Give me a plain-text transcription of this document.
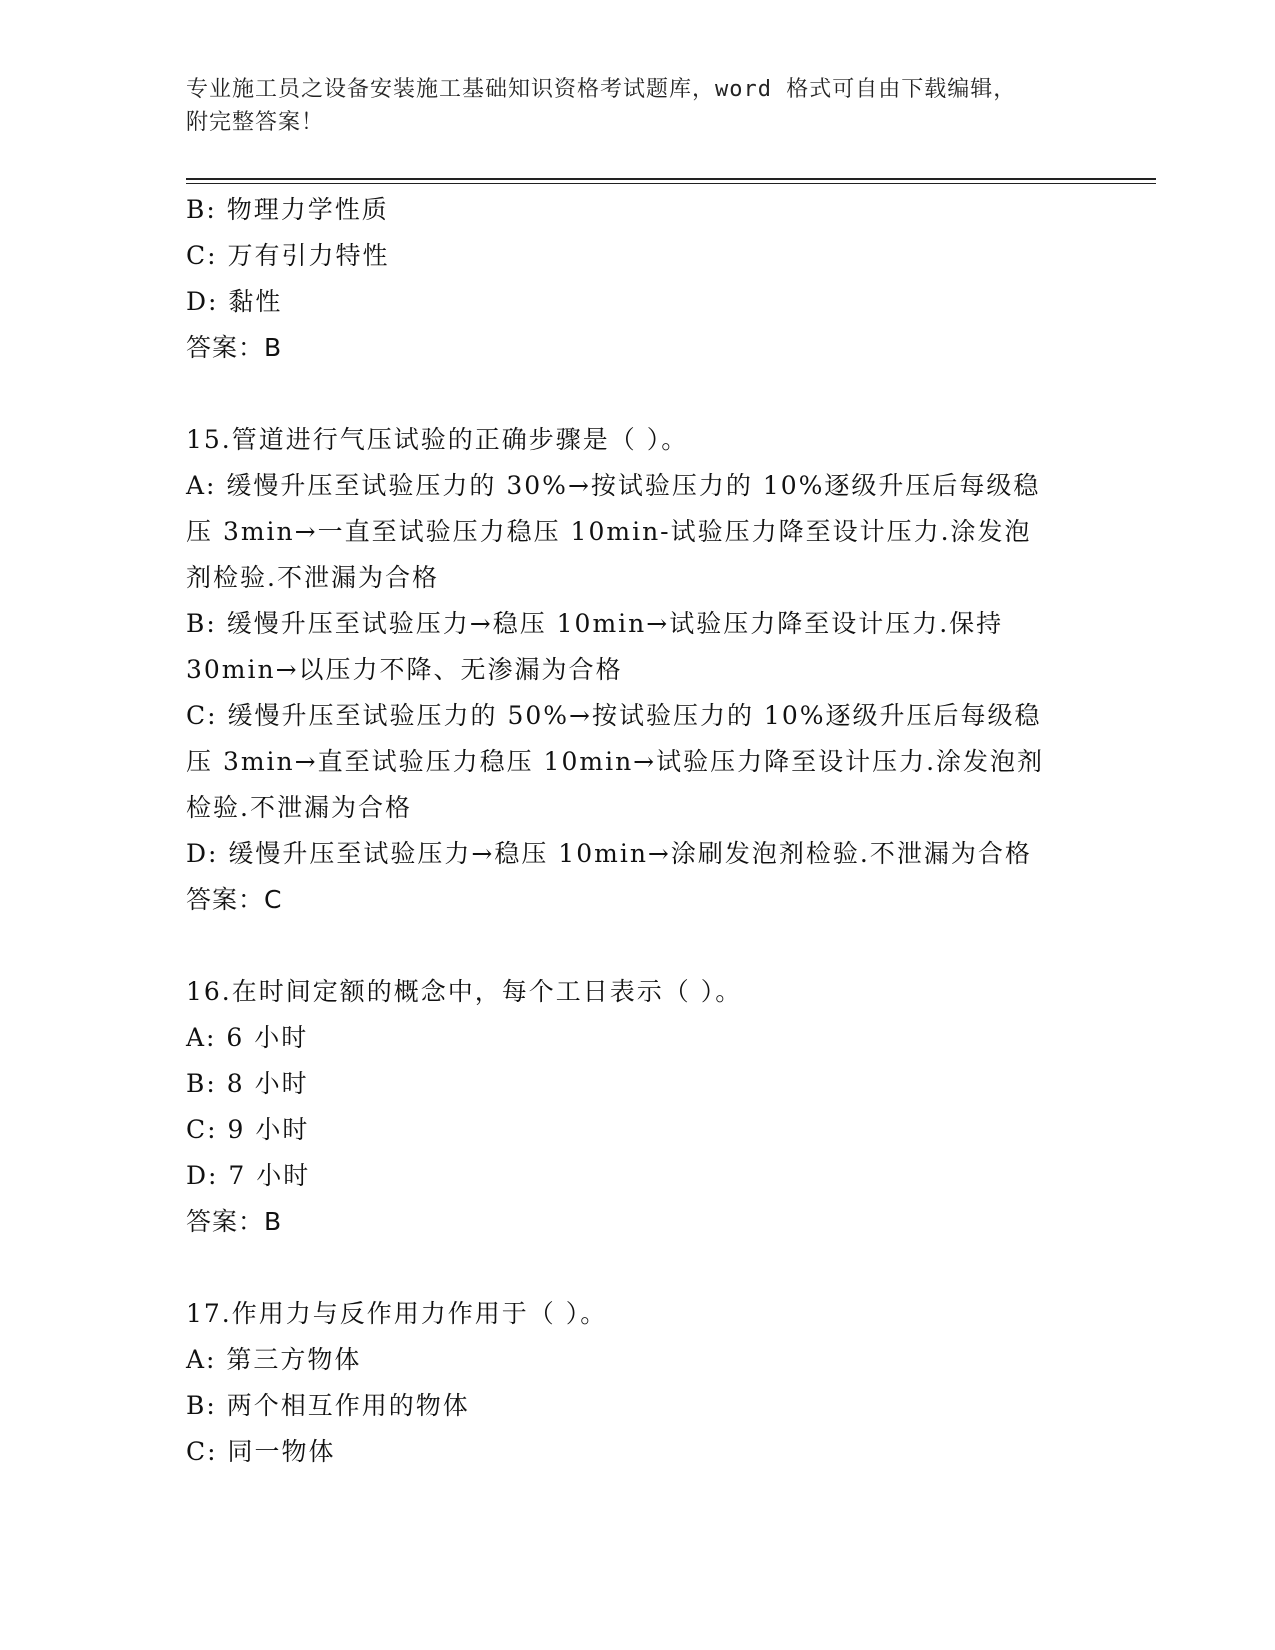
专业施工员之设备安装施工基础知识资格考试题库，word 格式可自由下载编辑，
附完整答案！
B: 物理力学性质
C: 万有引力特性
D: 黏性
答案：B
15.管道进行气压试验的正确步骤是（ ）。
A: 缓慢升压至试验压力的 30%→按试验压力的 10%逐级升压后每级稳
压 3min→一直至试验压力稳压 10min-试验压力降至设计压力.涂发泡
剂检验.不泄漏为合格
B: 缓慢升压至试验压力→稳压 10min→试验压力降至设计压力.保持
30min→以压力不降、无渗漏为合格
C: 缓慢升压至试验压力的 50%→按试验压力的 10%逐级升压后每级稳
压 3min→直至试验压力稳压 10min→试验压力降至设计压力.涂发泡剂
检验.不泄漏为合格
D: 缓慢升压至试验压力→稳压 10min→涂刷发泡剂检验.不泄漏为合格
答案：C
16.在时间定额的概念中，每个工日表示（ ）。
A: 6 小时
B: 8 小时
C: 9 小时
D: 7 小时
答案：B
17.作用力与反作用力作用于（ ）。
A: 第三方物体
B: 两个相互作用的物体
C: 同一物体
